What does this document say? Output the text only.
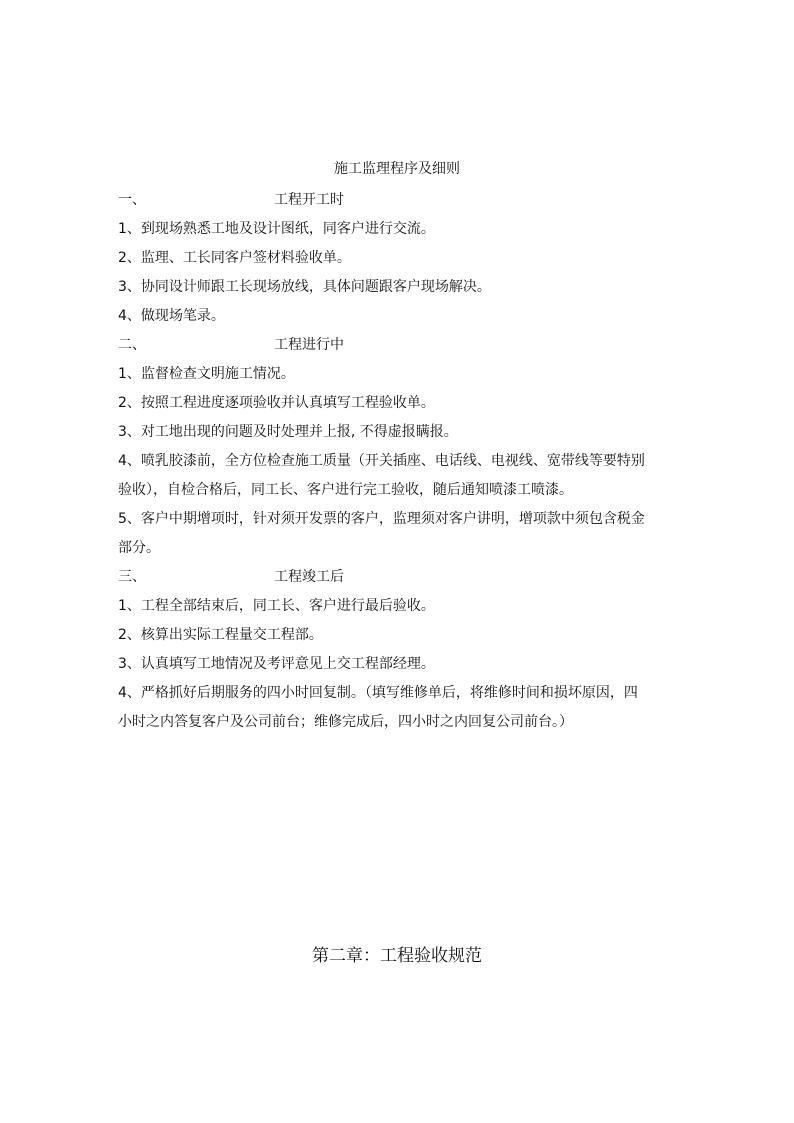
施工监理程序及细则
一、	工程开工时
1、到现场熟悉工地及设计图纸，同客户进行交流。
2、监理、工长同客户签材料验收单。
3、协同设计师跟工长现场放线，具体问题跟客户现场解决。
4、做现场笔录。
二、	工程进行中
1、监督检查文明施工情况。
2、按照工程进度逐项验收并认真填写工程验收单。
3、对工地出现的问题及时处理并上报, 不得虚报瞒报。
4、喷乳胶漆前，全方位检查施工质量（开关插座、电话线、电视线、宽带线等要特别
验收），自检合格后，同工长、客户进行完工验收，随后通知喷漆工喷漆。
5、客户中期增项时，针对须开发票的客户，监理须对客户讲明，增项款中须包含税金
部分。
三、	工程竣工后
1、工程全部结束后，同工长、客户进行最后验收。
2、核算出实际工程量交工程部。
3、认真填写工地情况及考评意见上交工程部经理。
4、严格抓好后期服务的四小时回复制。（填写维修单后，将维修时间和损坏原因，四
小时之内答复客户及公司前台；维修完成后，四小时之内回复公司前台。）
第二章：工程验收规范
